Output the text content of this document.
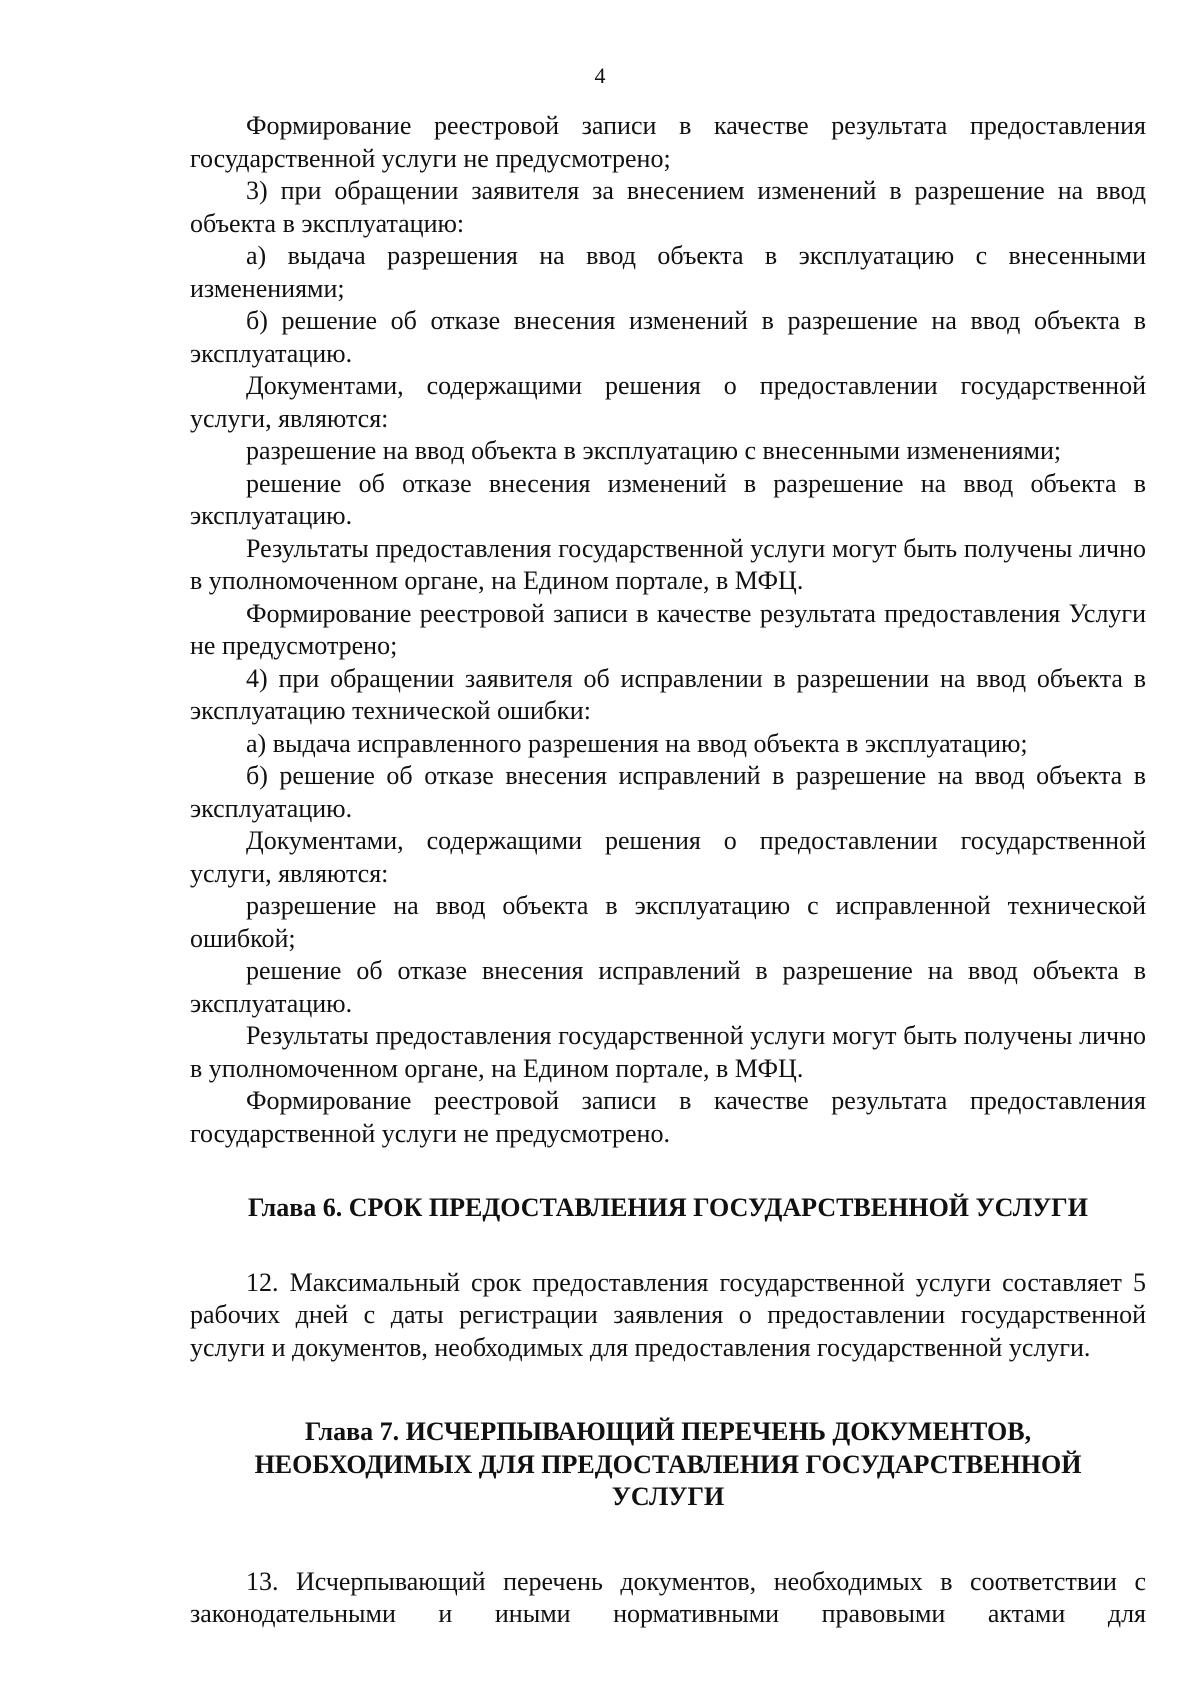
4

Формирование реестровой записи в качестве результата предоставления государственной услуги не предусмотрено;

3) при обращении заявителя за внесением изменений в разрешение на ввод объекта в эксплуатацию:

а) выдача разрешения на ввод объекта в эксплуатацию с внесенными изменениями;

б) решение об отказе внесения изменений в разрешение на ввод объекта в эксплуатацию.

Документами, содержащими решения о предоставлении государственной услуги, являются:

разрешение на ввод объекта в эксплуатацию с внесенными изменениями;

решение об отказе внесения изменений в разрешение на ввод объекта в эксплуатацию.

Результаты предоставления государственной услуги могут быть получены лично в уполномоченном органе, на Едином портале, в МФЦ.

Формирование реестровой записи в качестве результата предоставления Услуги не предусмотрено;

4) при обращении заявителя об исправлении в разрешении на ввод объекта в эксплуатацию технической ошибки:

а) выдача исправленного разрешения на ввод объекта в эксплуатацию;

б) решение об отказе внесения исправлений в разрешение на ввод объекта в эксплуатацию.

Документами, содержащими решения о предоставлении государственной услуги, являются:

разрешение на ввод объекта в эксплуатацию с исправленной технической ошибкой;

решение об отказе внесения исправлений в разрешение на ввод объекта в эксплуатацию.

Результаты предоставления государственной услуги могут быть получены лично в уполномоченном органе, на Едином портале, в МФЦ.

Формирование реестровой записи в качестве результата предоставления государственной услуги не предусмотрено.

Глава 6. СРОК ПРЕДОСТАВЛЕНИЯ ГОСУДАРСТВЕННОЙ УСЛУГИ

12. Максимальный срок предоставления государственной услуги составляет 5 рабочих дней с даты регистрации заявления о предоставлении государственной услуги и документов, необходимых для предоставления государственной услуги.

Глава 7. ИСЧЕРПЫВАЮЩИЙ ПЕРЕЧЕНЬ ДОКУМЕНТОВ,
НЕОБХОДИМЫХ ДЛЯ ПРЕДОСТАВЛЕНИЯ ГОСУДАРСТВЕННОЙ
УСЛУГИ

13. Исчерпывающий перечень документов, необходимых в соответствии с законодательными и иными нормативными правовыми актами для
